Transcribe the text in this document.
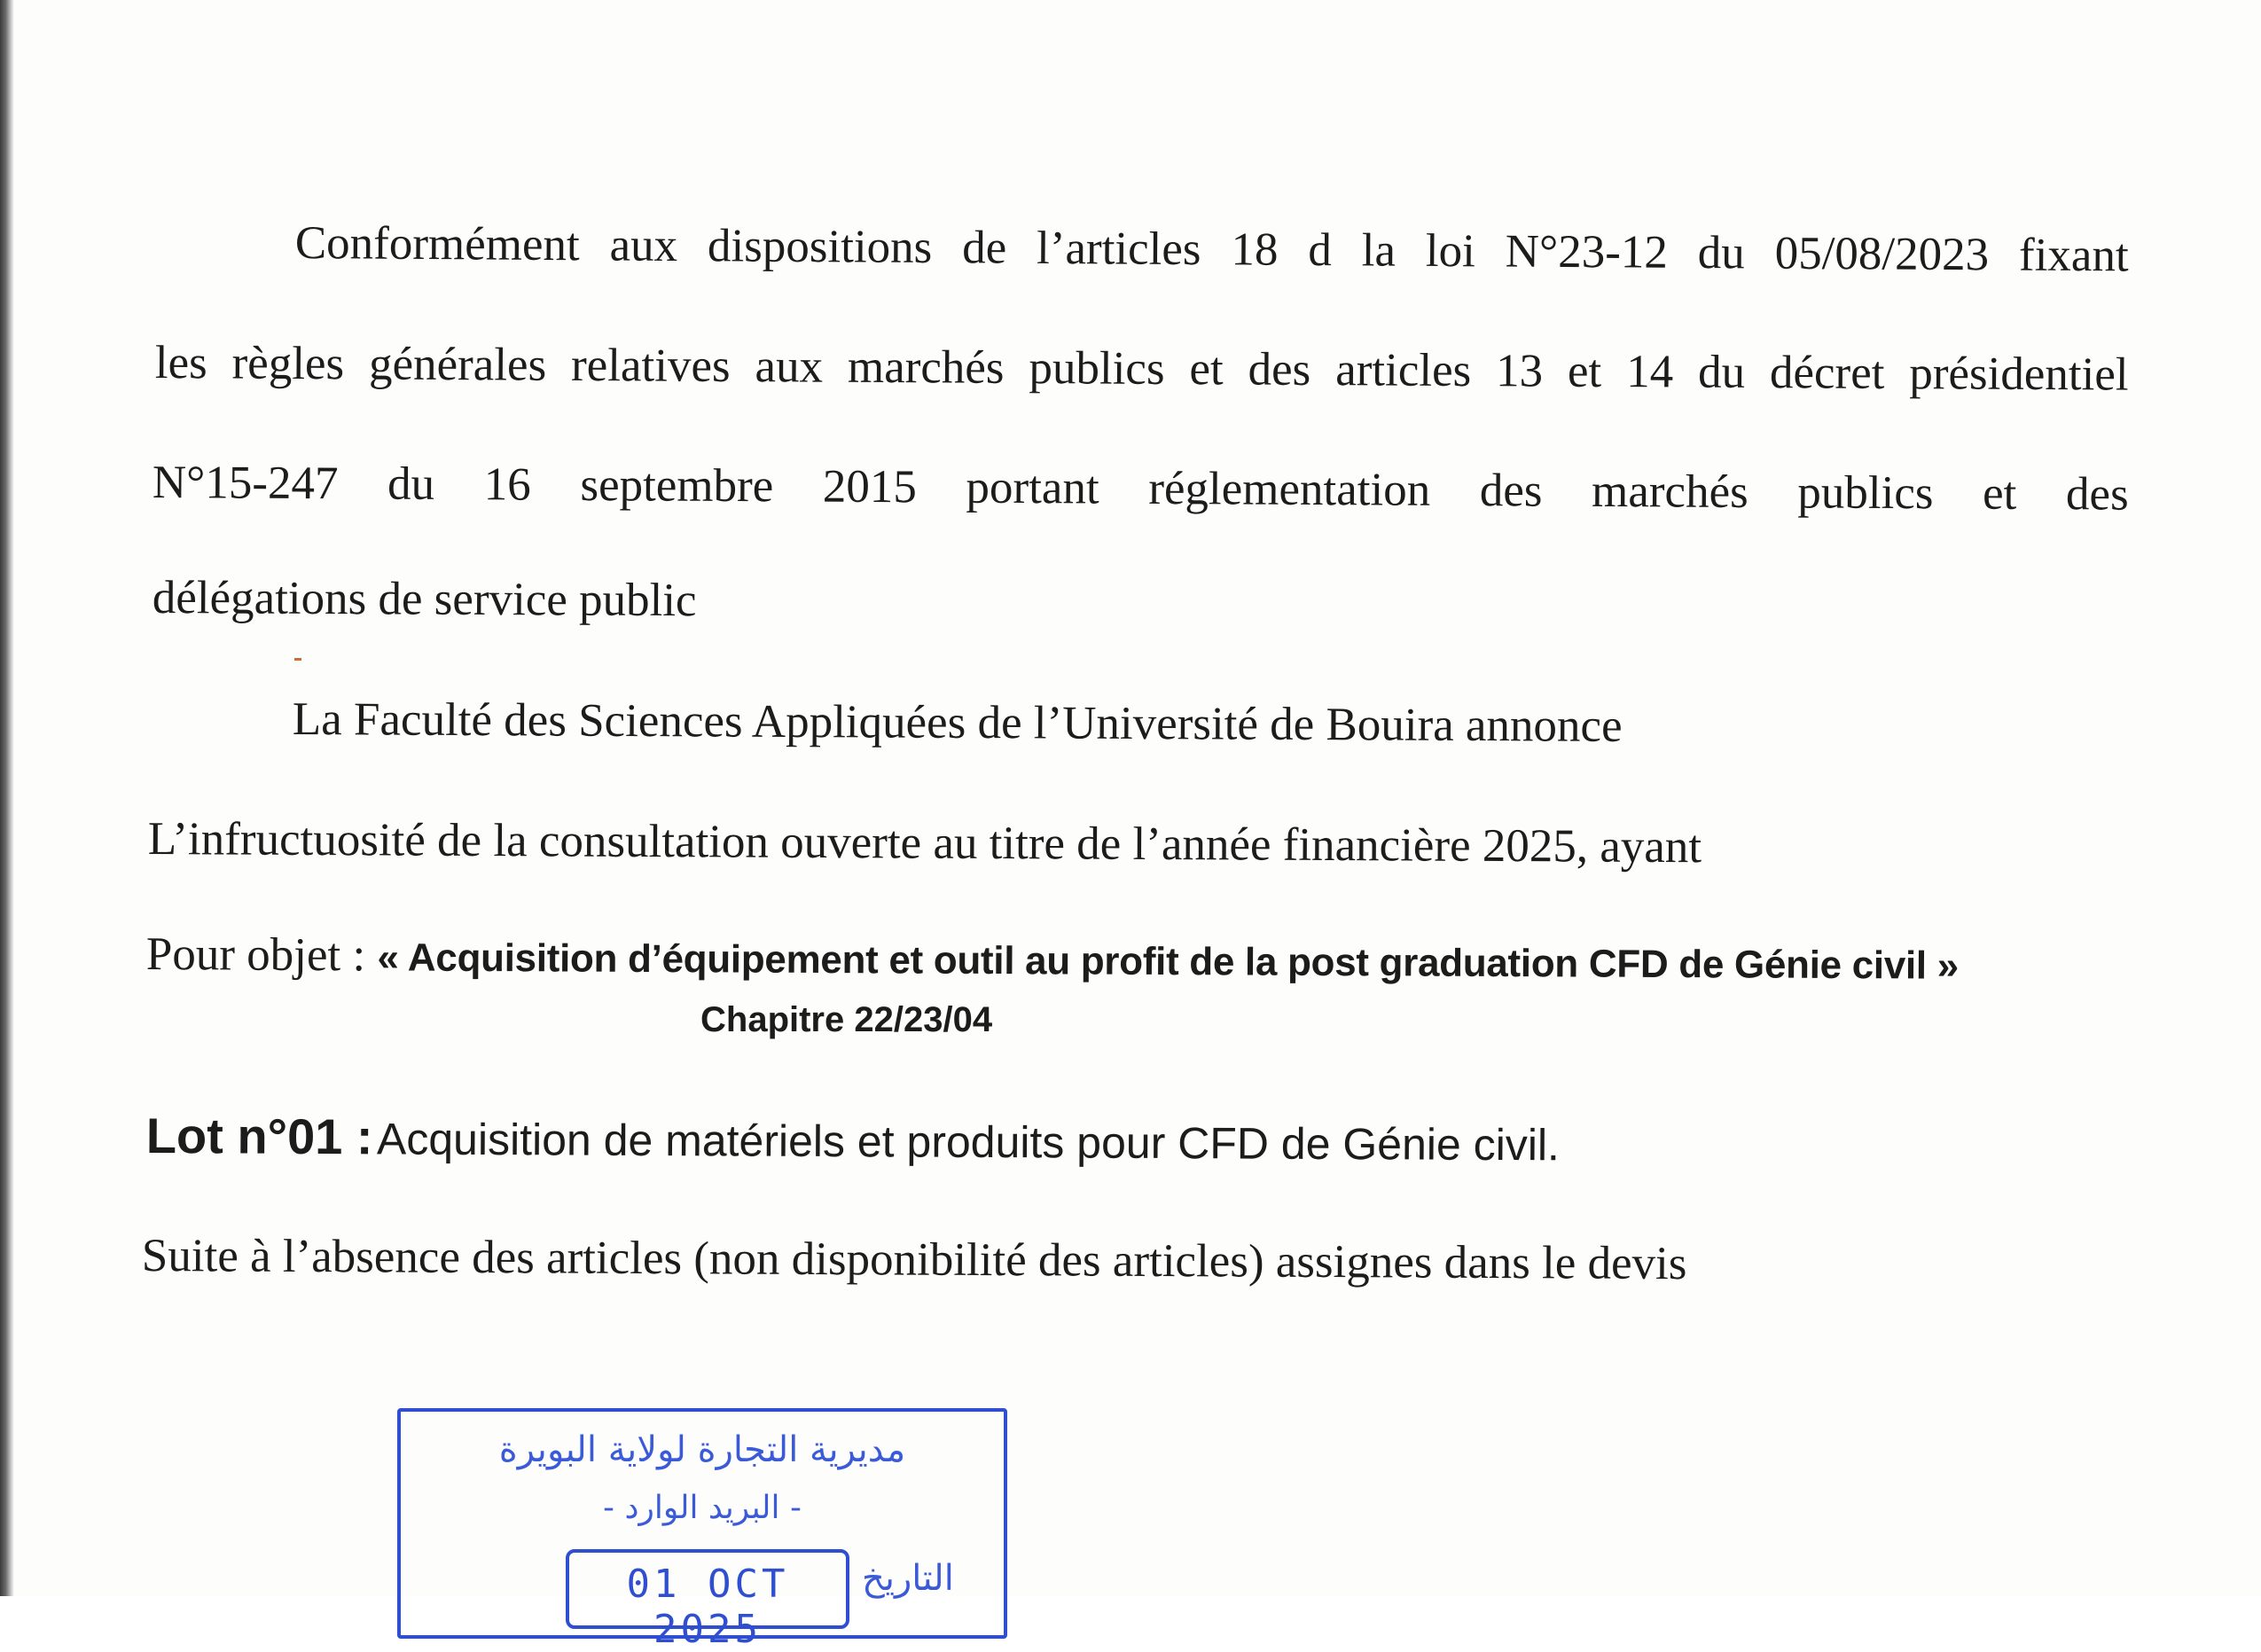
Conformément aux dispositions de l’articles 18 d la loi N°23-12 du 05/08/2023 fixant
les règles générales relatives aux marchés publics et des articles 13 et 14 du décret présidentiel
N°15-247 du 16 septembre 2015 portant réglementation des marchés publics et des
délégations de service public
La Faculté des Sciences Appliquées de l’Université de Bouira annonce
L’infructuosité de la consultation ouverte au titre de l’année financière 2025, ayant
Pour objet : « Acquisition d’équipement et outil au profit de la post graduation CFD de Génie civil »
Chapitre 22/23/04
Lot n°01 : Acquisition de matériels et produits pour CFD de Génie civil.
Suite à l’absence des articles (non disponibilité des articles) assignes dans le devis
مديرية التجارة لولاية البويرة
- البريد الوارد -
01 OCT 2025
التاريخ
